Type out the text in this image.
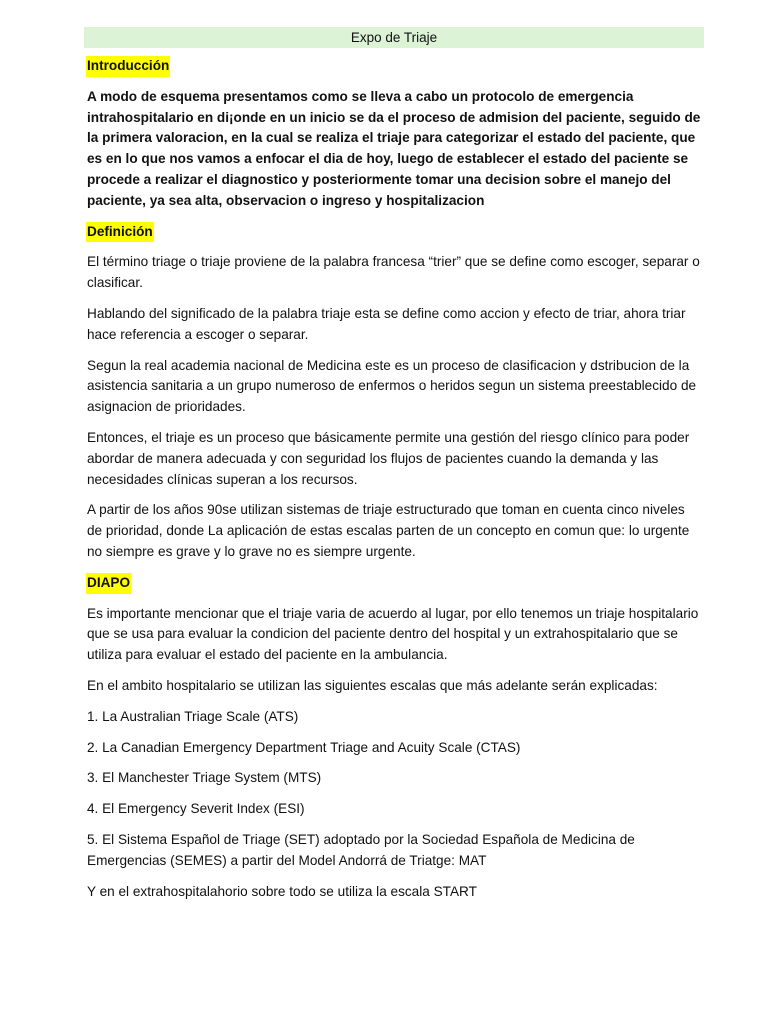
Expo de Triaje
Introducción

A modo de esquema presentamos como se lleva a cabo un protocolo de emergencia intrahospitalario en di¡onde en un inicio se da el proceso de admision del paciente, seguido de la primera valoracion, en la cual se realiza el triaje para categorizar el estado del paciente, que es en lo que nos vamos a enfocar el dia de hoy, luego de establecer el estado del paciente se procede a realizar el diagnostico y posteriormente tomar una decision sobre el manejo del paciente, ya sea alta, observacion o ingreso y hospitalizacion

Definición

El término triage o triaje proviene de la palabra francesa “trier” que se define como escoger, separar o clasificar.

Hablando del significado de la palabra triaje esta se define como accion y efecto de triar, ahora triar hace referencia a escoger o separar.

Segun la real academia nacional de Medicina este es un proceso de clasificacion y dstribucion de la asistencia sanitaria a un grupo numeroso de enfermos o heridos segun un sistema preestablecido de asignacion de prioridades.

Entonces, el triaje es un proceso que básicamente permite una gestión del riesgo clínico para poder abordar de manera adecuada y con seguridad los flujos de pacientes cuando la demanda y las necesidades clínicas superan a los recursos.

A partir de los años 90se utilizan sistemas de triaje estructurado que toman en cuenta cinco niveles de prioridad, donde La aplicación de estas escalas parten de un concepto en comun que: lo urgente no siempre es grave y lo grave no es siempre urgente.

DIAPO

Es importante mencionar que el triaje varia de acuerdo al lugar, por ello tenemos un triaje hospitalario que se usa para evaluar la condicion del paciente dentro del hospital y un extrahospitalario que se utiliza para evaluar el estado del paciente en la ambulancia.

En el ambito hospitalario se utilizan las siguientes escalas que más adelante serán explicadas:

1. La Australian Triage Scale (ATS)

2. La Canadian Emergency Department Triage and Acuity Scale (CTAS)

3. El Manchester Triage System (MTS)

4. El Emergency Severit Index (ESI)

5. El Sistema Español de Triage (SET) adoptado por la Sociedad Española de Medicina de Emergencias (SEMES) a partir del Model Andorrá de Triatge: MAT

Y en el extrahospitalahorio sobre todo se utiliza la escala START
